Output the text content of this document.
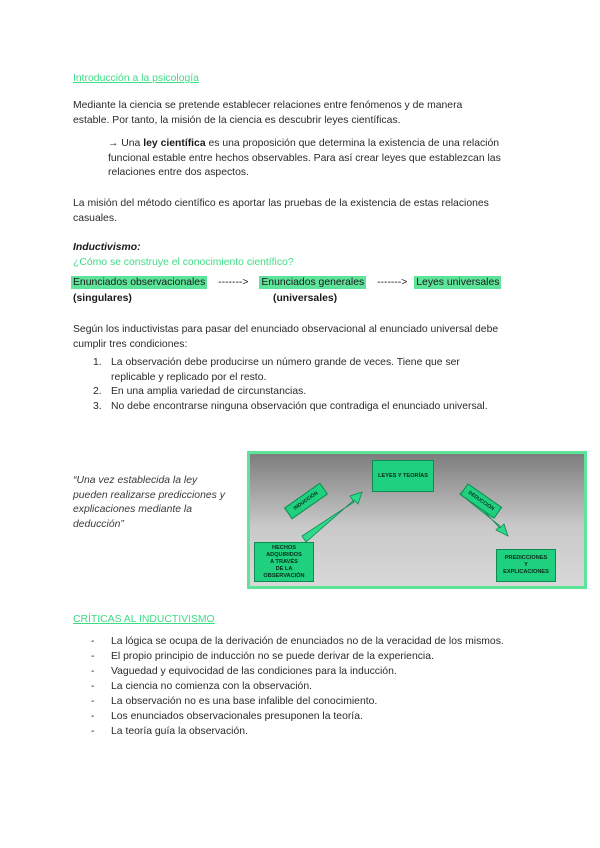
Introducción a la psicología

Mediante la ciencia se pretende establecer relaciones entre fenómenos y de manera

estable. Por tanto, la misión de la ciencia es descubrir leyes científicas.

→ Una ley científica es una proposición que determina la existencia de una relación

funcional estable entre hechos observables. Para así crear leyes que establezcan las

relaciones entre dos aspectos.

La misión del método científico es aportar las pruebas de la existencia de estas relaciones

casuales.

Inductivismo:
¿Cómo se construye el conocimiento científico?
Enunciados observacionales -------> Enunciados generales -------> Leyes universales
(singulares)	(universales)

Según los inductivistas para pasar del enunciado observacional al enunciado universal debe

cumplir tres condiciones:

1. La observación debe producirse un número grande de veces. Tiene que ser
replicable y replicado por el resto.
2. En una amplia variedad de circunstancias.
3. No debe encontrarse ninguna observación que contradiga el enunciado universal.
“Una vez establecida la ley
pueden realizarse predicciones y
explicaciones mediante la
deducción”
LEYES Y TEORÍAS
INDUCCIÓN	DEDUCCIÓN
HECHOS
ADQUIRIDOS
A TRAVÉS
DE LA
OBSERVACIÓN
PREDICCIONES
Y
EXPLICACIONES
CRÍTICAS AL INDUCTIVISMO
- La lógica se ocupa de la derivación de enunciados no de la veracidad de los mismos.
- El propio principio de inducción no se puede derivar de la experiencia.
- Vaguedad y equivocidad de las condiciones para la inducción.
- La ciencia no comienza con la observación.
- La observación no es una base infalible del conocimiento.
- Los enunciados observacionales presuponen la teoría.
- La teoría guía la observación.
